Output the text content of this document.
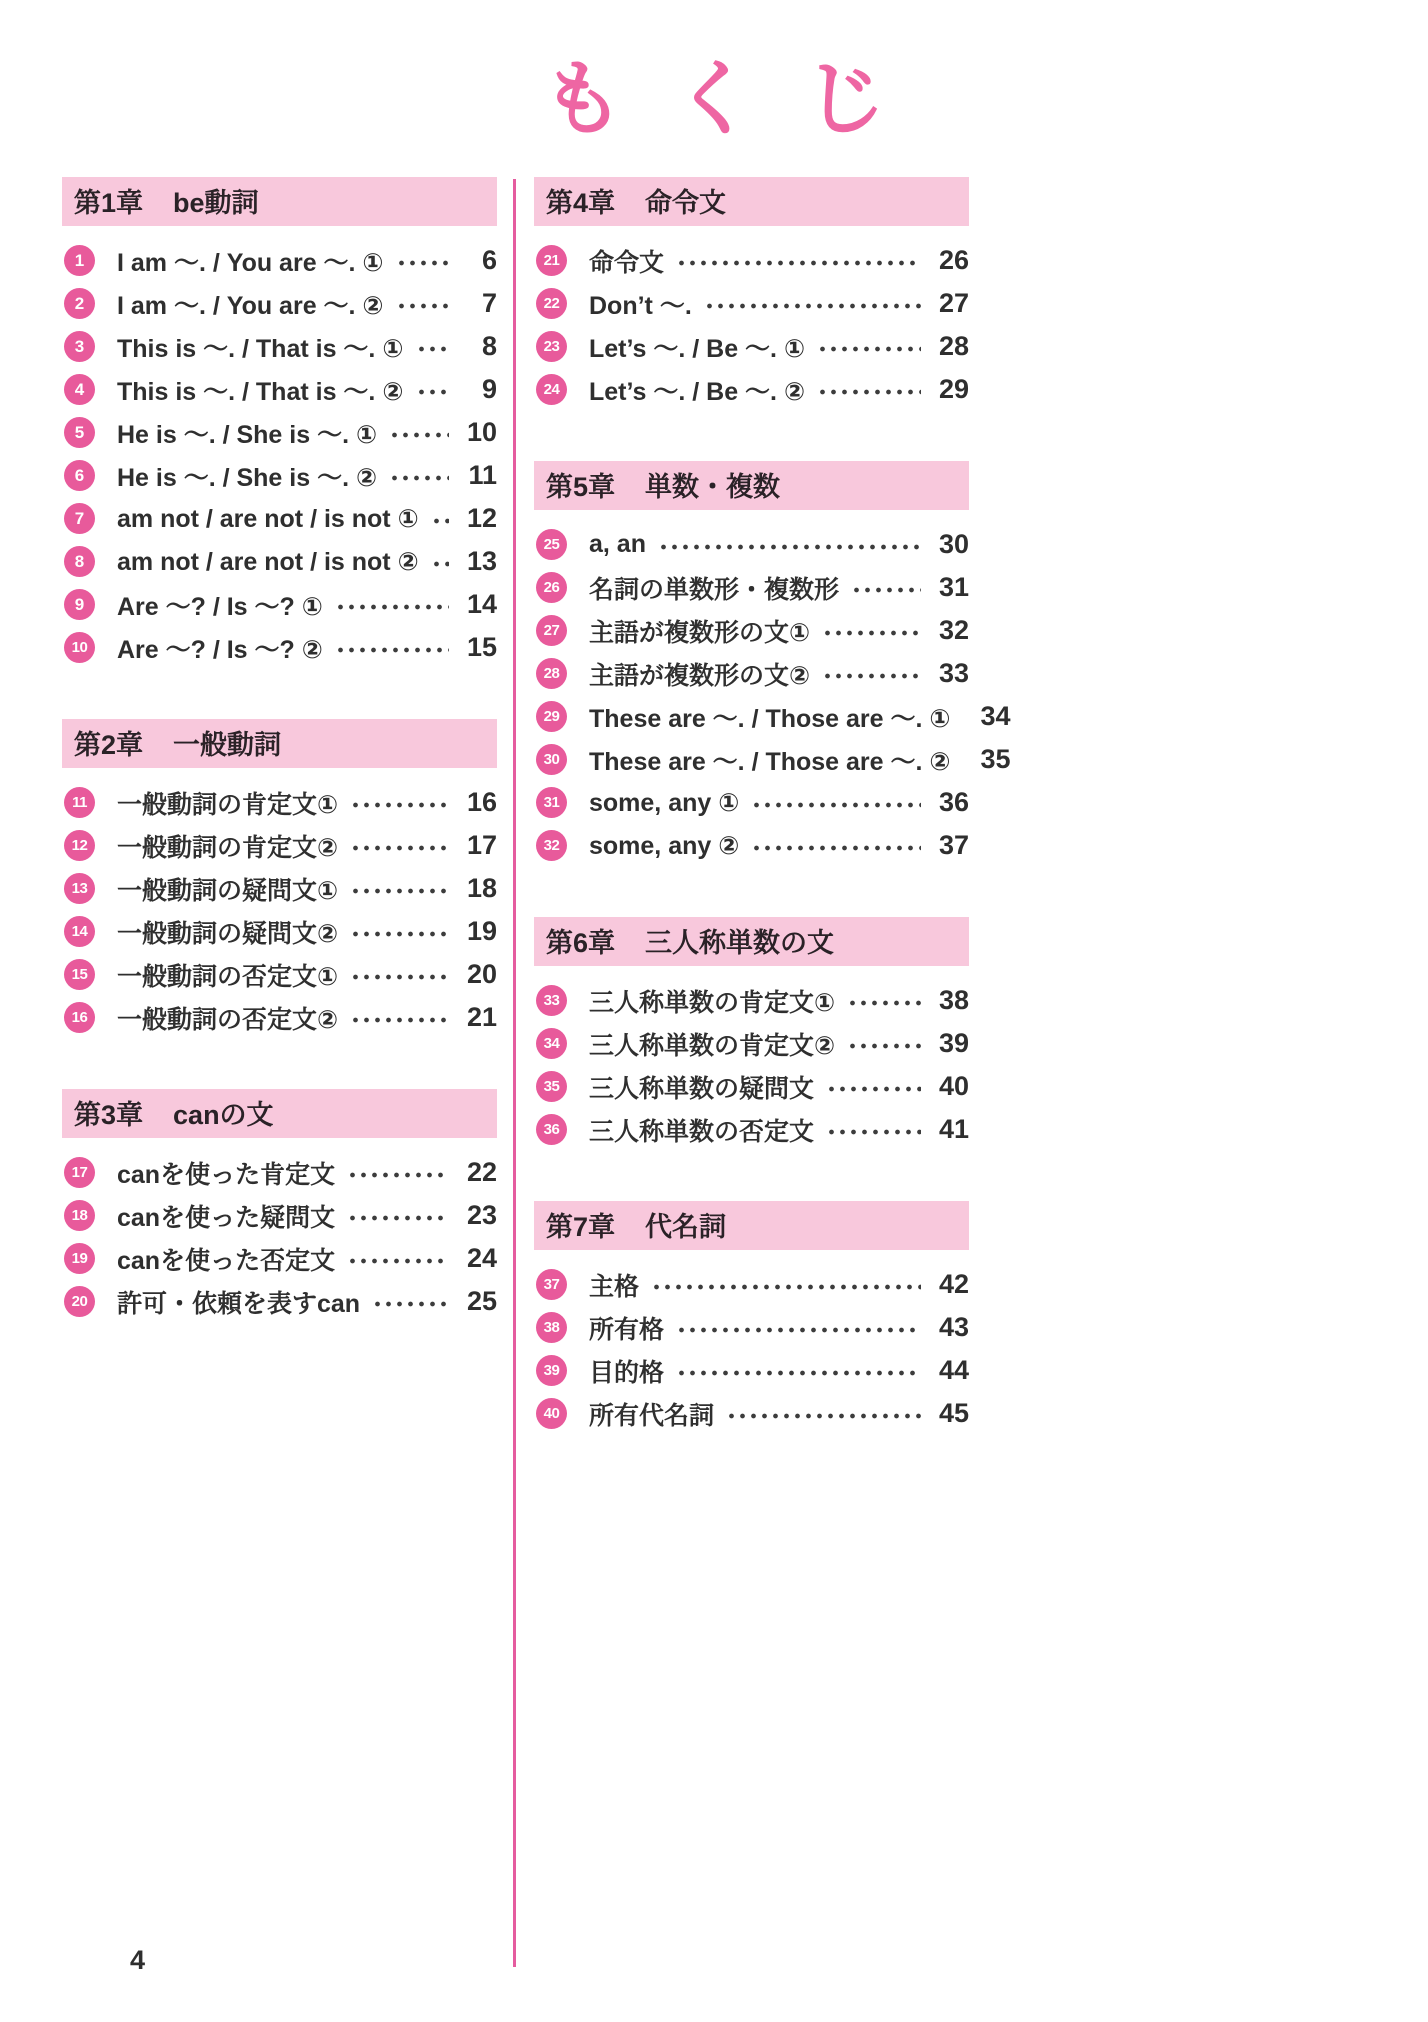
もくじ
第1章 be動詞
1	I am 〜. / You are 〜. ①	6
2	I am 〜. / You are 〜. ②	7
3	This is 〜. / That is 〜. ①	8
4	This is 〜. / That is 〜. ②	9
5	He is 〜. / She is 〜. ①	10
6	He is 〜. / She is 〜. ②	11
7	am not / are not / is not ① 12
8	am not / are not / is not ② 13
9	Are 〜? / Is 〜? ①	14
10	Are 〜? / Is 〜? ②	15
第2章 一般動詞
11	一般動詞の肯定文①	16
12	一般動詞の肯定文②	17
13	一般動詞の疑問文①	18
14	一般動詞の疑問文②	19
15	一般動詞の否定文①	20
16	一般動詞の否定文②	21
第3章 canの文
17	canを使った肯定文	22
18	canを使った疑問文	23
19	canを使った否定文	24
20	許可・依頼を表すcan	25
第4章 命令文
21	命令文	26
22	Don’t 〜.	27
23	Let’s 〜. / Be 〜. ①	28
24	Let’s 〜. / Be 〜. ②	29
第5章 単数・複数
25	a, an	30
26	名詞の単数形・複数形	31
27	主語が複数形の文①	32
28	主語が複数形の文②	33
29	These are 〜. / Those are 〜. ① 34
30	These are 〜. / Those are 〜. ② 35
31	some, any ①	36
32	some, any ②	37
第6章 三人称単数の文
33	三人称単数の肯定文①	38
34	三人称単数の肯定文②	39
35	三人称単数の疑問文	40
36	三人称単数の否定文	41
第7章 代名詞
37	主格	42
38	所有格	43
39	目的格	44
40	所有代名詞	45
4
